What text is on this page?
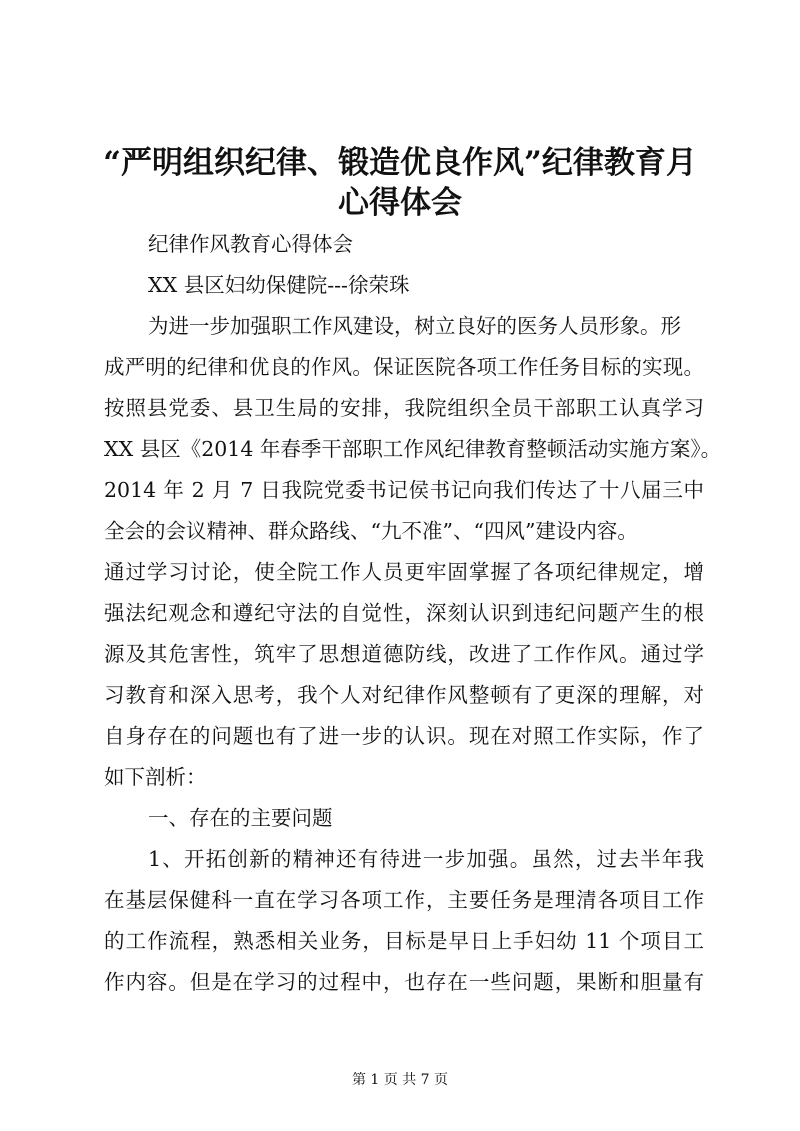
“严明组织纪律、锻造优良作风”纪律教育月
心得体会

纪律作风教育心得体会

XX 县区妇幼保健院---徐荣珠

为进一步加强职工作风建设，树立良好的医务人员形象。形

成严明的纪律和优良的作风。保证医院各项工作任务目标的实现。

按照县党委、县卫生局的安排，我院组织全员干部职工认真学习

XX 县区《2014 年春季干部职工作风纪律教育整顿活动实施方案》。

2014 年 2 月 7 日我院党委书记侯书记向我们传达了十八届三中

全会的会议精神、群众路线、“九不准”、“四风”建设内容。

通过学习讨论，使全院工作人员更牢固掌握了各项纪律规定，增

强法纪观念和遵纪守法的自觉性，深刻认识到违纪问题产生的根

源及其危害性，筑牢了思想道德防线，改进了工作作风。通过学

习教育和深入思考，我个人对纪律作风整顿有了更深的理解，对

自身存在的问题也有了进一步的认识。现在对照工作实际，作了

如下剖析：

一、存在的主要问题

1、开拓创新的精神还有待进一步加强。虽然，过去半年我

在基层保健科一直在学习各项工作，主要任务是理清各项目工作

的工作流程，熟悉相关业务，目标是早日上手妇幼 11 个项目工

作内容。但是在学习的过程中，也存在一些问题，果断和胆量有

第 1 页 共 7 页
